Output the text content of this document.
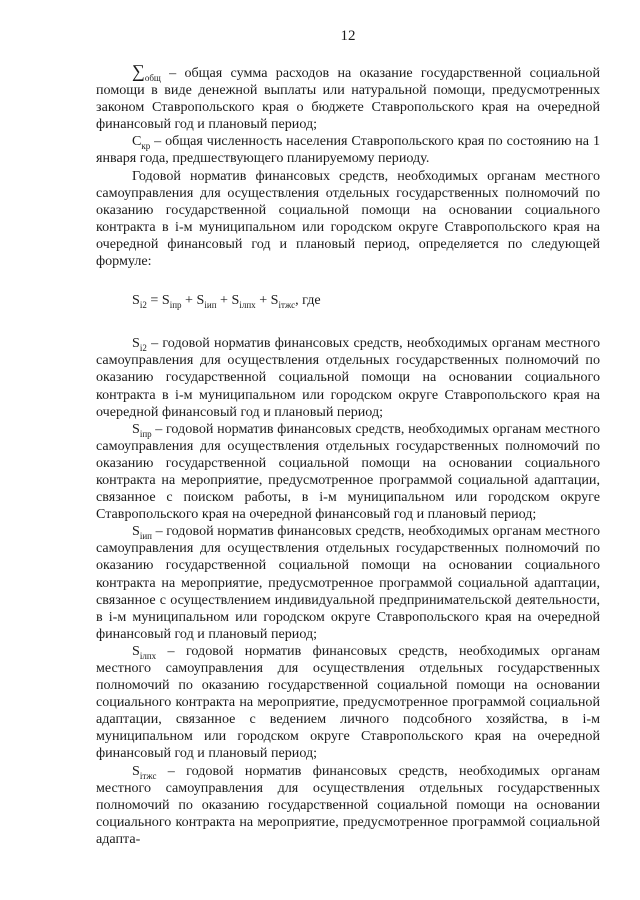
12

$\sum_{общ}$ – общая сумма расходов на оказание государственной социальной помощи в виде денежной выплаты или натуральной помощи, предусмотренных законом Ставропольского края о бюджете Ставропольского края на очередной финансовый год и плановый период;

$С_{кр}$ – общая численность населения Ставропольского края по состоянию на 1 января года, предшествующего планируемому периоду.

Годовой норматив финансовых средств, необходимых органам местного самоуправления для осуществления отдельных государственных полномочий по оказанию государственной социальной помощи на основании социального контракта в i-м муниципальном или городском округе Ставропольского края на очередной финансовый год и плановый период, определяется по следующей формуле:

$S_{i2} = S_{iпр} + S_{iип} + S_{iлпх} + S_{iтжс}$, где

$S_{i2}$ – годовой норматив финансовых средств, необходимых органам местного самоуправления для осуществления отдельных государственных полномочий по оказанию государственной социальной помощи на основании социального контракта в i-м муниципальном или городском округе Ставропольского края на очередной финансовый год и плановый период;

$S_{iпр}$ – годовой норматив финансовых средств, необходимых органам местного самоуправления для осуществления отдельных государственных полномочий по оказанию государственной социальной помощи на основании социального контракта на мероприятие, предусмотренное программой социальной адаптации, связанное с поиском работы, в i-м муниципальном или городском округе Ставропольского края на очередной финансовый год и плановый период;

$S_{iип}$ – годовой норматив финансовых средств, необходимых органам местного самоуправления для осуществления отдельных государственных полномочий по оказанию государственной социальной помощи на основании социального контракта на мероприятие, предусмотренное программой социальной адаптации, связанное с осуществлением индивидуальной предпринимательской деятельности, в i-м муниципальном или городском округе Ставропольского края на очередной финансовый год и плановый период;

$S_{iлпх}$ – годовой норматив финансовых средств, необходимых органам местного самоуправления для осуществления отдельных государственных полномочий по оказанию государственной социальной помощи на основании социального контракта на мероприятие, предусмотренное программой социальной адаптации, связанное с ведением личного подсобного хозяйства, в i-м муниципальном или городском округе Ставропольского края на очередной финансовый год и плановый период;

$S_{iтжс}$ – годовой норматив финансовых средств, необходимых органам местного самоуправления для осуществления отдельных государственных полномочий по оказанию государственной социальной помощи на основании социального контракта на мероприятие, предусмотренное программой социальной адапта-
